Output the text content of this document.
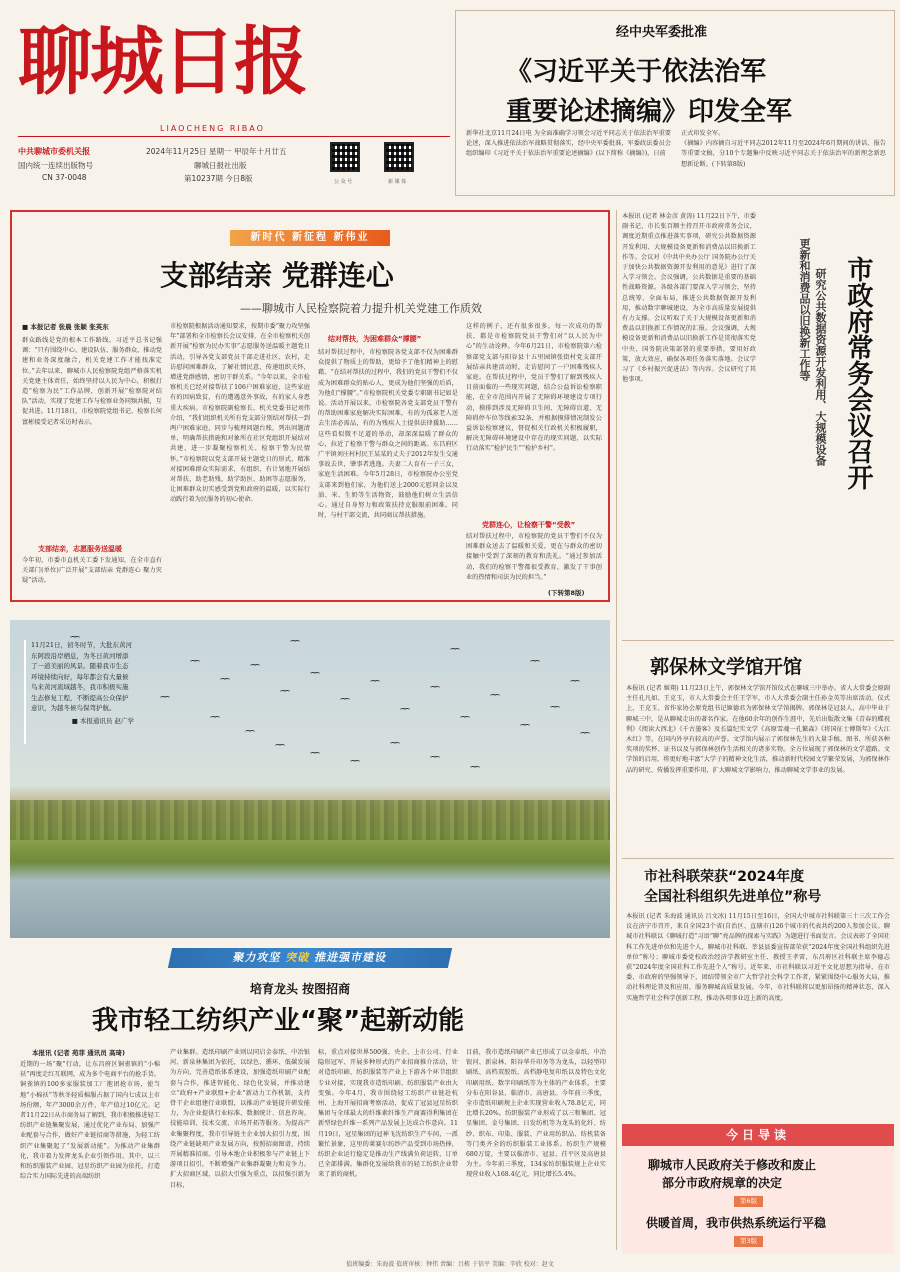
聊城日报
LIAOCHENG RIBAO
中共聊城市委机关报
国内统一连续出版物号
CN 37-0048
2024年11月25日 星期一 甲辰年十月廿五
聊城日报社出版
第10237期 今日8版	公 众 号	新 媒 体
经中央军委批准
《习近平关于依法治军
重要论述摘编》印发全军
新华社北京11月24日电 为全面准确学习领会习近平同志关于依法治军重要论述，深入推进依法治军战略贯彻落实，经中央军委批准，军委政法委员会组织编印《习近平关于依法治军重要论述摘编》(以下简称《摘编》)，日前
正式印发全军。
《摘编》内容摘自习近平同志2012年11月至2024年6月期间的讲话、报告等重要文稿，分10个专题集中反映习近平同志关于依法治军的新理念新思想新论断。(下转第8版)
新时代 新征程 新伟业
支部结亲 党群连心
——聊城市人民检察院着力提升机关党建工作质效
■ 本报记者 张晨 张颖 张英东
群众路线是党的根本工作路线。习近平总书记强调：“只有围绕中心、建设队伍、服务群众，推动党建和业务深度融合，机关党建工作才能找准定位。”去年以来，聊城市人民检察院党组严格落实机关党建主体责任，始终坚持以人民为中心，积极打造“检察为民”工作品牌，创新开展“检察院对结队”活动，实现了党建工作与检察业务同频共振，互促共进。11月18日，市检察院党组书记、检察长何富彬接受记者采访时表示。
支部结亲，志愿服务送温暖
今年初，市委市直机关工委下发通知，在全市直有关部门(单位)广泛开展“支部结亲 党群连心 聚力灾疑”活动。
市检察院根据活动通知要求，按期市委“聚力攻坚强年”部署和全市检察长会议安排，在全市检察机关创新开展“检察为民办实事”志愿服务送温暖主题党日活动，引导各党支部党员干部走进社区、农村，走访慰问困难群众，了解社情民意，传递组织关怀，增进党群感情，密切干群关系。“今年以来，全市检察机关已经对接帮扶了106户困难家庭，这些家庭有的因病致贫，有的遭遇意外事故，有的家人身患重大疾病。市检察院副检察长、机关党委书记刘伟介绍，“我们组织机关所有党支部分别结对帮扶一到两户困难家庭，同步与梳理问题台账，列出问题清单，明确帮扶措施和对象所在社区党组织开展结对共建，进一步凝聚检察机关、检察干警为民情怀。”市检察院以党支部开展主题党日的形式，精准对接困难群众实际需求，有组织、有计划地开展结对帮扶，助老助残、助学助医、助困等志愿服务，让困难群众切实感受到党和政府的温暖，以实际行动践行着为民服务的初心使命。
结对帮扶，为困难群众“撑腰”
结对帮扶过程中，市检察院各党支部不仅为困难群众提供了物质上的帮助，更给予了他们精神上的慰藉。“在结对帮扶的过程中，我们的党员干警们不仅成为困难群众的贴心人，更成为他们坚强的后盾，为他们“撑腰”。”市检察院机关党委专职副书记如是说。活动开展以来，市检察院各党支部党员干警有的帮助困难家庭解决实际困难，有的为孤寡老人送去生活必需品，有的为残疾人士提供法律援助……这些看似微不足道的举动，却深深温暖了群众的心，拉近了检察干警与群众之间的距离。东昌府区广平镇刘庄村村民王某某的丈夫于2012年发生交通事故去世，肇事者逃逸。夫妻二人育有一子三女，家庭生活困难。今年5月28日，市检察院办公室党支部来到他们家，为他们送上2000元慰问金以及油、米、生奶等生活物资，鼓励他们树立生活信心。通过自身努力和政策扶持克服眼前困难。同时，与村干部交流，共同商议帮扶措施。
这样的例子，还有很多很多。每一次成功的帮扶，都是市检察院党员干警们对“以人民为中心”的生动诠释。今年6月21日，市检察院第六检察部党支部与阳谷县十五里园镇张街村党支部开展结亲共建活动时，走访慰问了一户困难残疾人家庭。在帮扶过程中，党员干警们了解到残疾人目前面临的一些现实问题，结合公益诉讼检察职能，在全市范围内开展了无障碍环境建设专项行动，摸排到涉及无障碍卫生间、无障碍盲道、无障碍停车位等线索32条，并根据摸排情况制发公益诉讼检察建议，督促相关行政机关积极履职，解决无障碍环境建设中存在的现实问题，以实际行动落实“检护民生”“检护乡村”。
党群连心，让检察干警“受教”
结对帮扶过程中，市检察院的党员干警们不仅为困难群众送去了温暖和关爱，更在与群众的密切接触中受到了深刻的教育和洗礼。“通过参加活动，我们的检察干警都很受教育，激发了干事创业的热情和司法为民的担当。”
(下转第8版)
11月21日，初冬时节，大批东黄河东阿段沿岸栖息，为冬日黄河增添了一道美丽的风景。随着我市生态环境持续向好，每年都会有大量候鸟来黄河流域越冬，我市积极实施生态修复工程，不断提高公众保护意识，为越冬候鸟保驾护航。
■ 本报通讯员 赵广学
聚力攻坚 突破 推进强市建设
培育龙头 按图招商
我市轻工纺织产业“聚”起新动能
本报讯 (记者 苑菲 通讯员 高琦)
近期的一场“聚”行动，让东昌府区铜雀镇的“小棉袄”再度走红互联网，成为多个电商平台的抢手货。铜雀镇的100多家服装加工厂抱团抢市场，使当地“小棉袄”等秋冬轻质棉服占据了国内七成以上市场份额，年产3000余万件，年产值过10亿元。记者11月22日从市商务局了解到，我市积极推进轻工纺织产业链集聚发展，通过优化产业布局、加强产业配套与合作，做好产业链招商等措施，为轻工纺织产业集聚起了“发展新动能”。为推动产业集群化，我市着力发挥龙头企业引领作用。其中，以三和纺织服装产业园、冠星纺织产业园为依托，打造综合实力国际先进的高端纺织
产业集群。造纸印刷产业则以同启金泰纸、中冶银河、新泉林集团为依托，以绿色、循环、低碳发展为方向，完善造纸体系建设，加强造纸印刷产业配套与合作，推进智能化、绿色化发展，并推动建立“政府+产业联盟+企业”新动力工作机制，支持骨干企业组建行业联盟，以推动产业链提升研发能力，为企业提供行业标准、数据统计、信息咨询、技能培训、技术交流、市场开拓等服务。为提高产业集聚程度，我市引导链主企业加大招引力度，围绕产业链缺项产业发展方向，按照招商图谱，持续开展精准招商。引导本地企业积极参与产业链上下游项目招引，不断增强产业集群凝聚力和竞争力。扩大招商区域，以招大引强为重点，以招强引新为目标，
标，重点对接世界500强、央企、上市公司、行业隐形冠军、开展多种形式的产业招商推介活动，针对造纸印刷、纺织服装等产业上下游各个环节组织专业对接，实现我市造纸印刷、纺织服装产业由大变强。今年4月，我市围绕轻工纺织产业链赴杭州、上海开展招商考察活动，促成了冠县冠星纺织集团与全球最大的纤维素纤维生产商赛得利集团在新型绿色纤维一系列产品发展上达成合作意向。11月19日，冠星集团的冠神飞沈纺织生产车间，一派繁忙景象，这里的莱赛尔纺纱产品受到市场热捧，纺织企业运行稳定是推动生产线满负荷运转，订单已全部排满。集群化发展给我市的轻工纺织企业带来了新的商机。
目前，我市造纸印刷产业已形成了以金泰纸、中冶银河、新泉林、阳谷华升印务等为龙头，以轻型印刷纸、高档双胶纸、高档静电复印纸以及特色文化印刷用纸、数字印刷纸等为主体的产业体系，主要分布在阳谷县、临清市、高唐县。今年前三季度，全市造纸印刷规上企业实现营业收入78.8亿元，同比增长20%。纺织服装产业形成了以三和集团、冠星集团、金号集团、日发纺机等为龙头的化纤、纺纱、织布、印染、服装、产业用纺织品、纺机装备等门类齐全的纺织服装工业体系。纺织生产规模680万锭，主要以临清市、冠县、茌平区及高唐县为主。今年前三季度，134家纺织服装规上企业实现营业收入168.4亿元，同比增长5.4%。
本报讯 (记者 林金彦 黄涛) 11月22日下午，市委副书记、市长张百顺主持召开市政府常务会议，调度近期重点推进落实事项，研究公共数据资源开发利用、大规模设备更新和消费品以旧换新工作等。会议对《中共中央办公厅 国务院办公厅关于加快公共数据资源开发利用的意见》进行了深入学习领会。会议强调，公共数据是重要的基础性战略资源。各级各部门要深入学习领会，坚持总统筹、全面布局，推进公共数据资源开发利用，推动数字聊城建设，为全市高质量发展提供有力支撑。会议听取了关于大规模设备更新和消费品以旧换新工作情况的汇报。会议强调，大规模设备更新和消费品以旧换新工作是贯彻落实党中央、国务院决策部署的重要举措，要用好政策，放大效应，确保各项任务落实落地。会议学习了《乡村振兴促进法》等内容。会议研究了其他事项。	市政府常务会议召开
研究公共数据资源开发利用、大规模设备
更新和消费品以旧换新工作等
郭保林文学馆开馆
本报讯 (记者 姬翔) 11月23日上午，郭保林文学馆开馆仪式在聊城三中举办。省人大常委会原副主任孔凡如、王克玉，市人大常委会主任王学军，市人大常委会副主任孙金英等出席活动。仪式上，王克玉、省作家协会原党组书记姬德君为郭保林文学馆揭牌。郭保林是冠县人，高中毕业于聊城三中，是从聊城走出的著名作家。在他60余年的创作生涯中，先后出版散文集《青春的蝶祝利》《阅读大西北》《千古墨客》及长篇纪实文学《高原雪魂一孔繁森》《将国征士傅斯年》《大江木红》等，在国内外享有较高的声誉。文学馆内展示了郭保林先生的大量手稿、图书、所获各种奖项的奖杯、证书以及与郭保林创作生活相关的诸多实物。全方位展现了郭保林的文学道路。文学馆的启用，将更好地丰富“大学子的精神文化生活，推动新时代校园文学繁荣发展，为郭保林作品的研究、传播发挥重要作用，扩大聊城文学影响力，推动聊城文学事业的发展。
市社科联荣获“2024年度
全国社科组织先进单位”称号
本报讯 (记者 朱海波 通讯员 吕文冰) 11月15日至16日，全国大中城市社科联第三十三次工作会议在济宁市召开，来自全国23个省(自治区、直辖市)126个城市的代表共约200人参加会议。聊城市社科联以《聊城打造“习语”聊”亮品牌的探索与实践》为题进行书面发言。会议表彰了全国社科工作先进单位和先进个人，聊城市社科联、莘县县委宣传部荣获“2024年度全国社科组织先进单位”称号；聊城市委党校政治经济学教研室主任、教授王孝雷，东昌府区社科联主席李德志获“2024年度全国社科工作先进个人”称号。近年来，市社科联以习近平文化思想为指导，在市委、市政府的坚强领导下，团结带领全市广大哲学社会科学工作者，紧紧围绕中心服务大局，推动社科理论普及和应用，服务聊城高质量发展。今年，市社科联将以更加昂扬的精神状态，深入实施哲学社会科学创新工程，推动各项事业迈上新的高度。
今日导读
聊城市人民政府关于修改和废止
部分市政府规章的决定
第6版
供暖首周，我市供热系统运行平稳
第3版
值班编委：朱海波 值班审核：钟伟 责编：吕栋 于信平 美编：辛欣 校对：赵文
